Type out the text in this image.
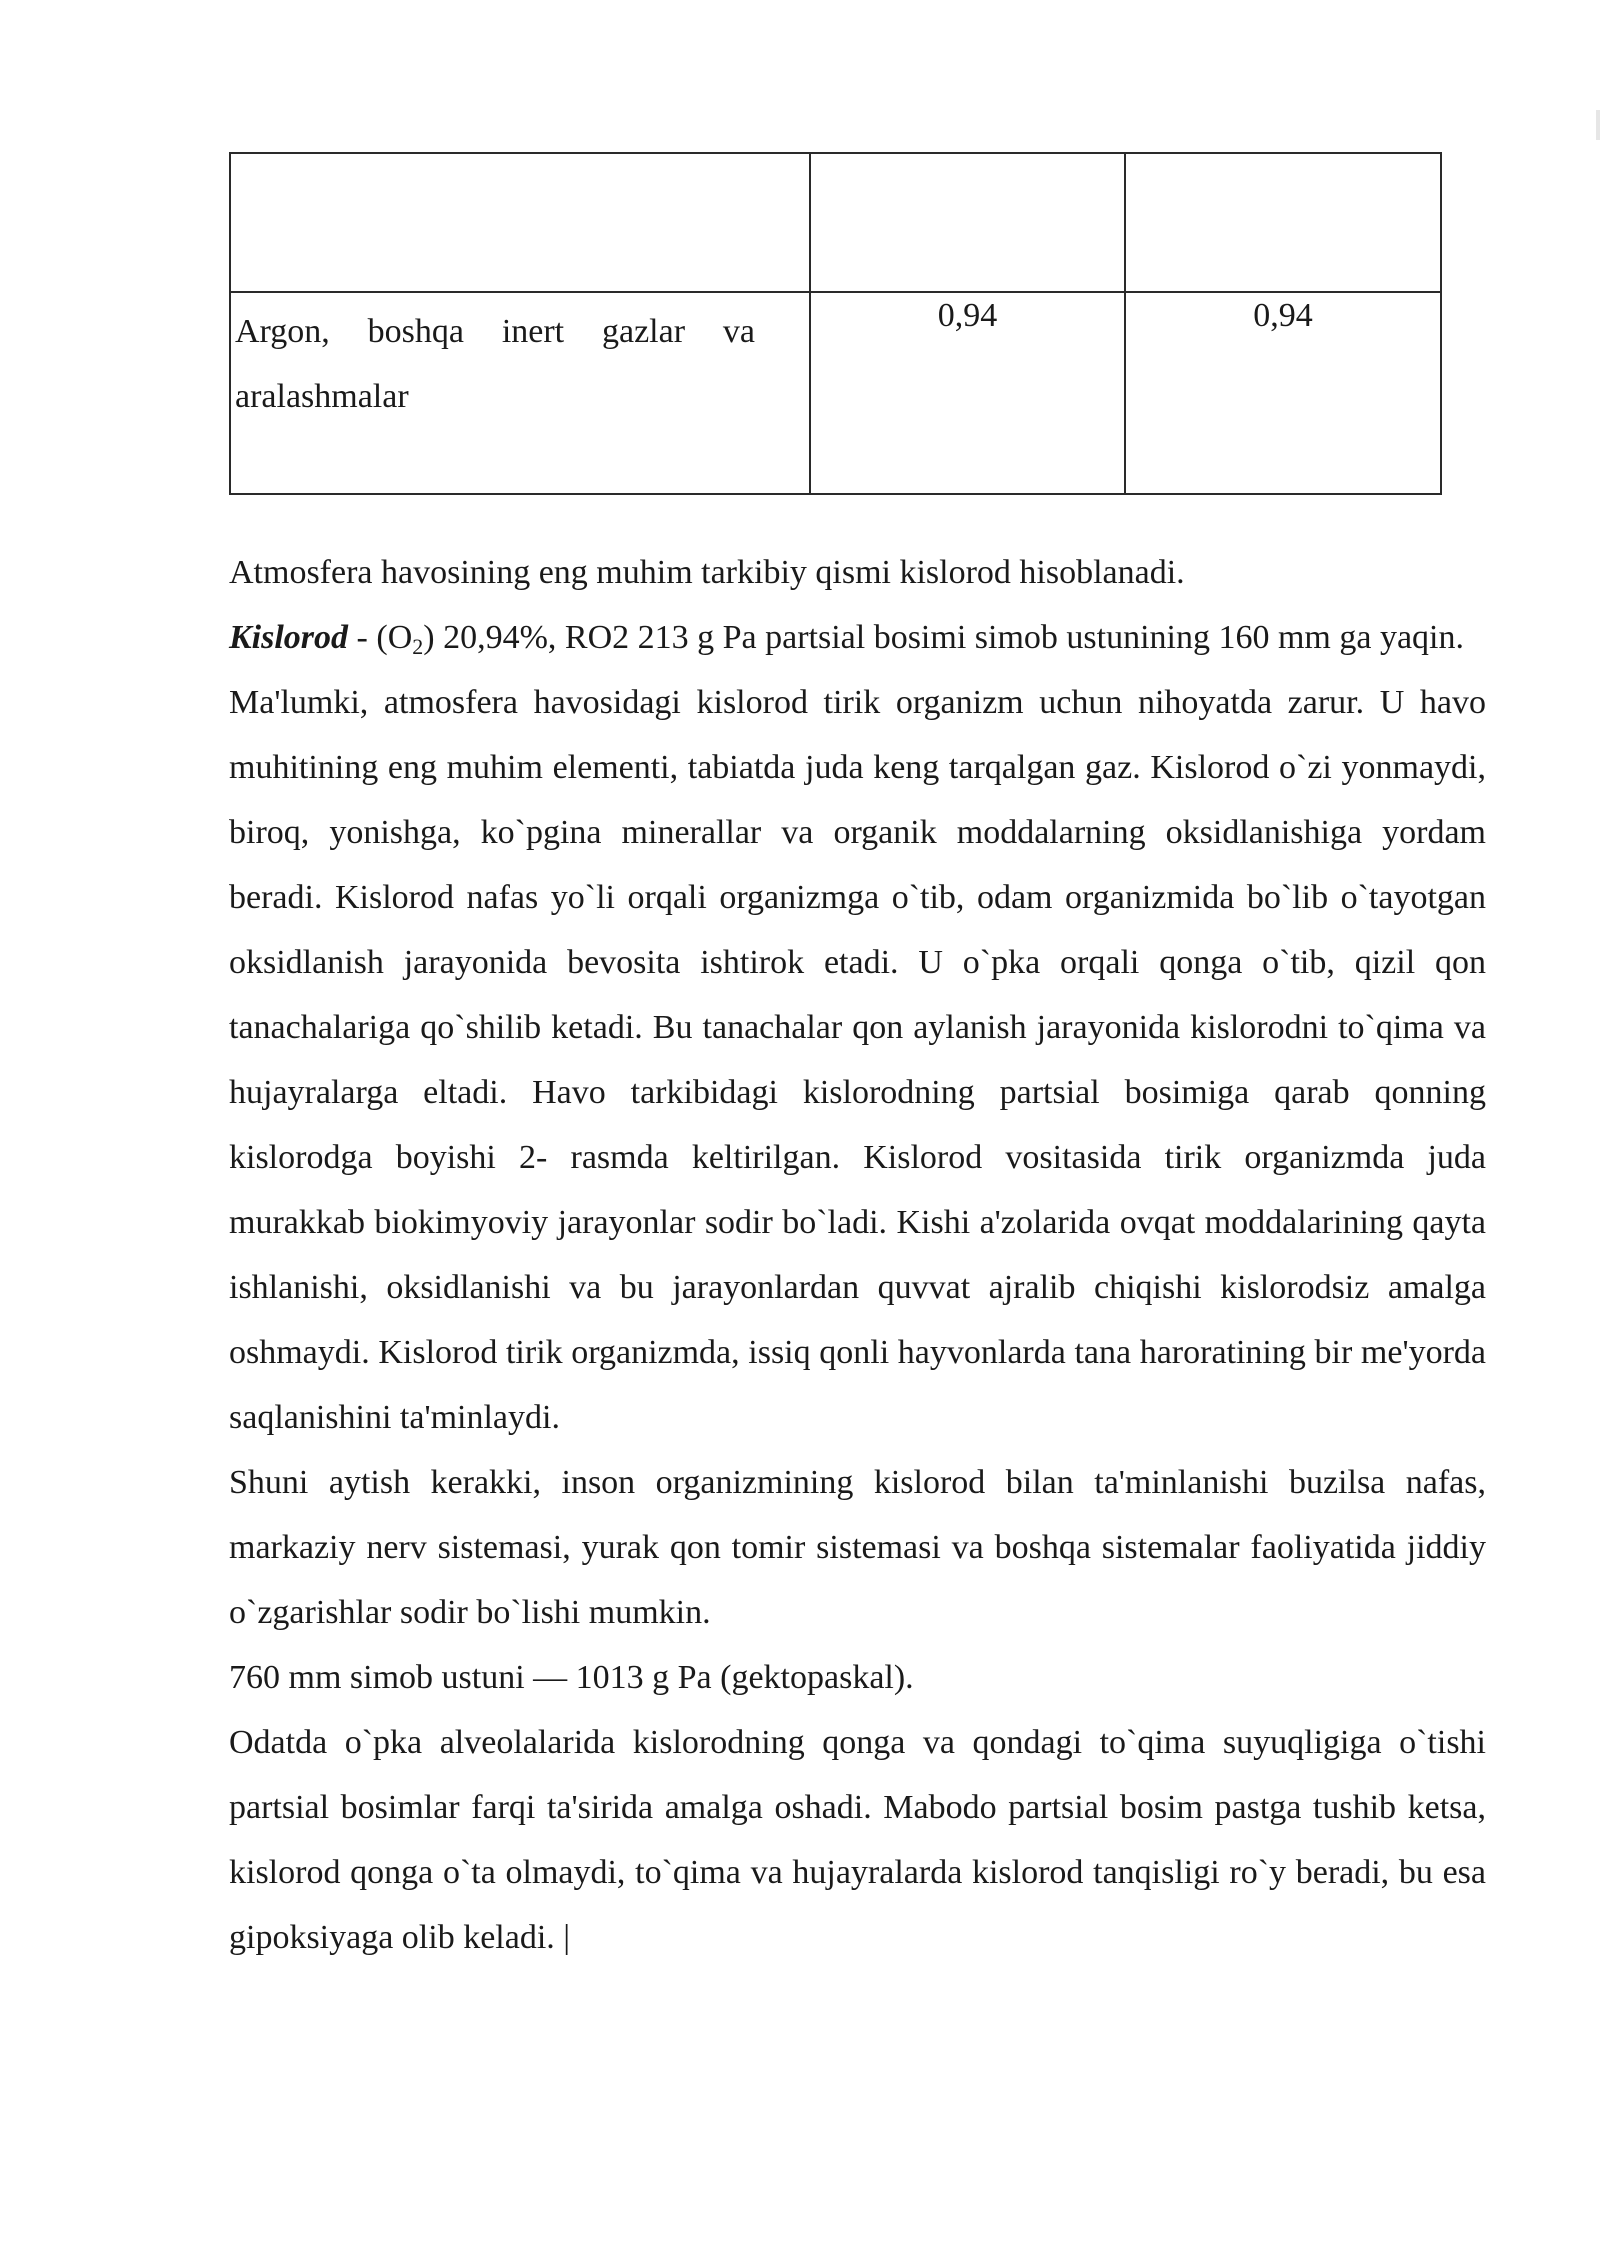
Argon, boshqa inert gazlar va aralashmalar	0,94	0,94

Atmosfera havosining eng muhim tarkibiy qismi kislorod hisoblanadi.

Kislorod - $(O_2)$ 20,94%, RO2 213 g Pa partsial bosimi simob ustunining 160 mm ga yaqin.

Ma'lumki, atmosfera havosidagi kislorod tirik organizm uchun nihoyatda zarur. U havo muhitining eng muhim elementi, tabiatda juda keng tarqalgan gaz. Kislorod o`zi yonmaydi, biroq, yonishga, ko`pgina minerallar va organik moddalarning oksidlanishiga yordam beradi. Kislorod nafas yo`li orqali organizmga o`tib, odam organizmida bo`lib o`tayotgan oksidlanish jarayonida bevosita ishtirok etadi. U o`pka orqali qonga o`tib, qizil qon tanachalariga qo`shilib ketadi. Bu tanachalar qon aylanish jarayonida kislorodni to`qima va hujayralarga eltadi. Havo tarkibidagi kislorodning partsial bosimiga qarab qonning kislorodga boyishi 2- rasmda keltirilgan. Kislorod vositasida tirik organizmda juda murakkab biokimyoviy jarayonlar sodir bo`ladi. Kishi a'zolarida ovqat moddalarining qayta ishlanishi, oksidlanishi va bu jarayonlardan quvvat ajralib chiqishi kislorodsiz amalga oshmaydi. Kislorod tirik organizmda, issiq qonli hayvonlarda tana haroratining bir me'yorda saqlanishini ta'minlaydi.

Shuni aytish kerakki, inson organizmining kislorod bilan ta'minlanishi buzilsa nafas, markaziy nerv sistemasi, yurak qon tomir sistemasi va boshqa sistemalar faoliyatida jiddiy o`zgarishlar sodir bo`lishi mumkin.

760 mm simob ustuni — 1013 g Pa (gektopaskal).

Odatda o`pka alveolalarida kislorodning qonga va qondagi to`qima suyuqligiga o`tishi partsial bosimlar farqi ta'sirida amalga oshadi. Mabodo partsial bosim pastga tushib ketsa, kislorod qonga o`ta olmaydi, to`qima va hujayralarda kislorod tanqisligi ro`y beradi, bu esa gipoksiyaga olib keladi. |
